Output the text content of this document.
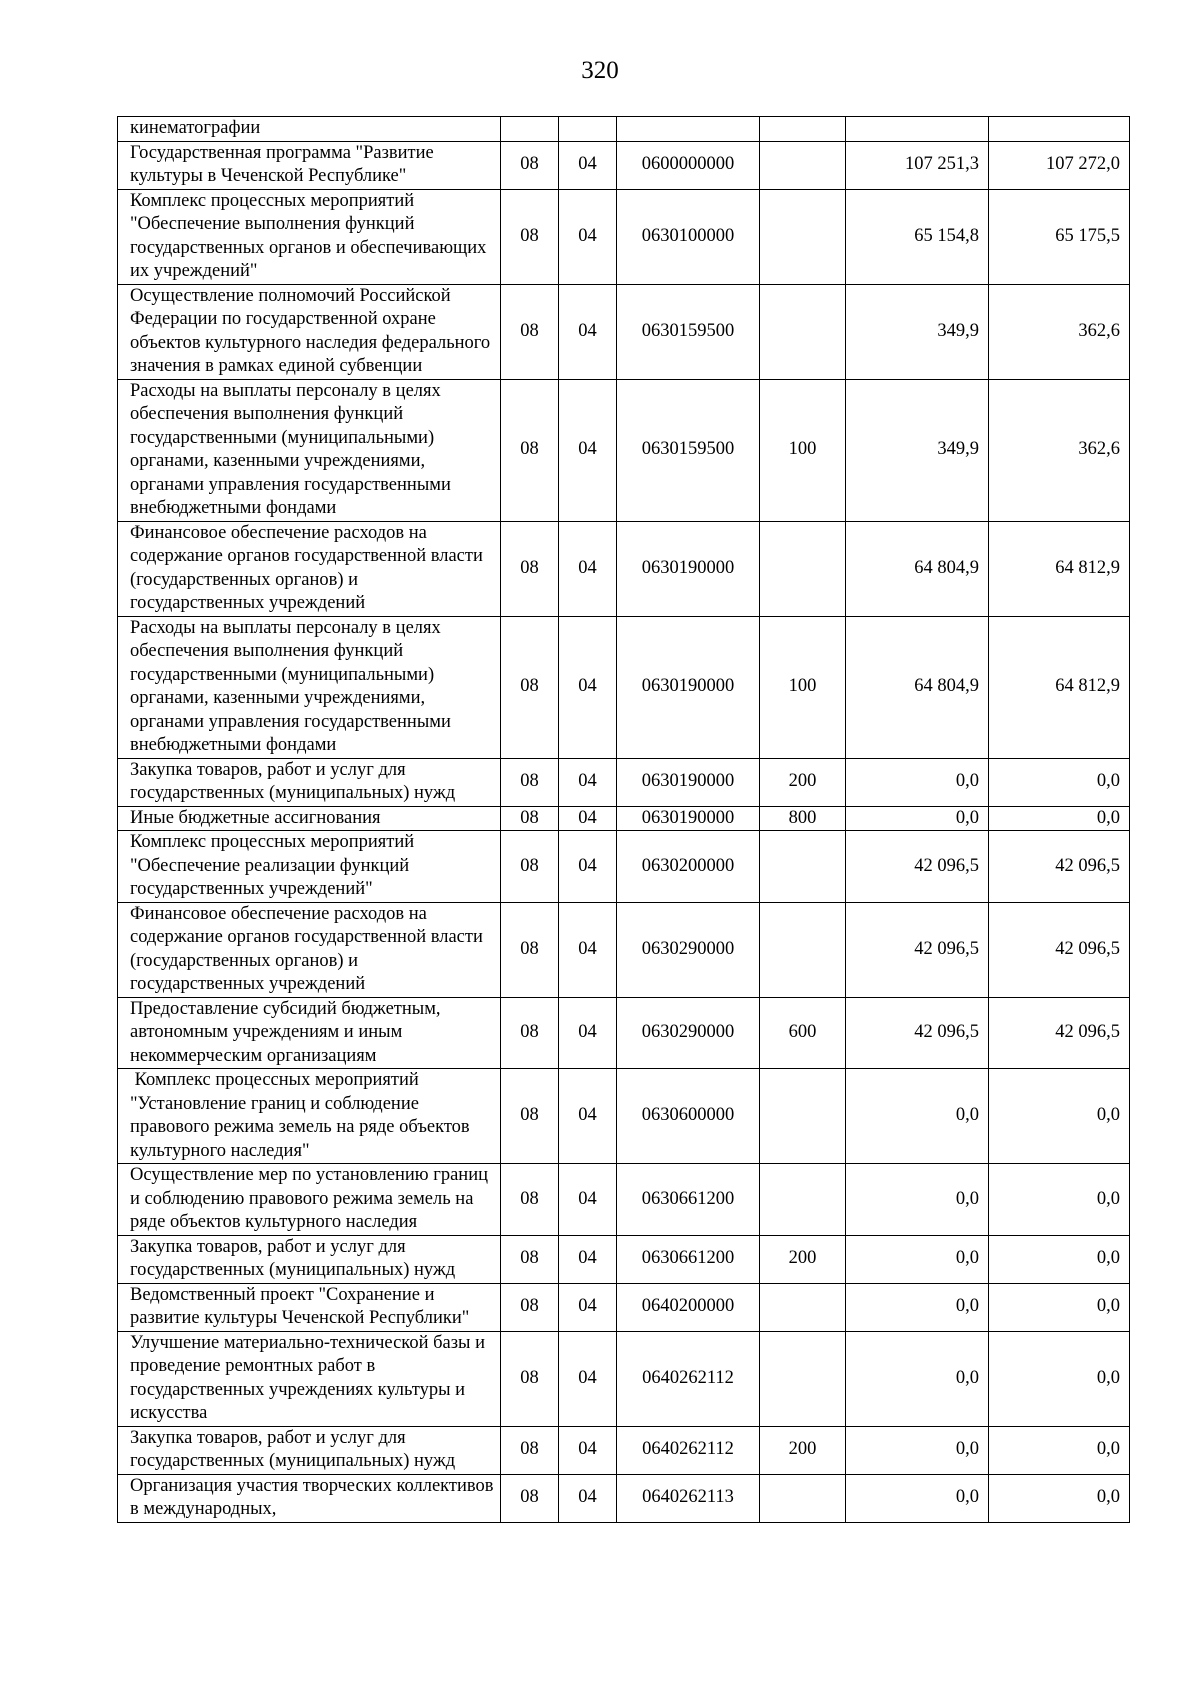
320
кинематографии						
Государственная программа "Развитие культуры в Чеченской Республике"	08	04	0600000000		107 251,3	107 272,0
Комплекс процессных мероприятий "Обеспечение выполнения функций государственных органов и обеспечивающих их учреждений"	08	04	0630100000		65 154,8	65 175,5
Осуществление полномочий Российской Федерации по государственной охране объектов культурного наследия федерального значения в рамках единой субвенции	08	04	0630159500		349,9	362,6
Расходы на выплаты персоналу в целях обеспечения выполнения функций государственными (муниципальными) органами, казенными учреждениями, органами управления государственными внебюджетными фондами	08	04	0630159500	100	349,9	362,6
Финансовое обеспечение расходов на содержание органов государственной власти (государственных органов) и государственных учреждений	08	04	0630190000		64 804,9	64 812,9
Расходы на выплаты персоналу в целях обеспечения выполнения функций государственными (муниципальными) органами, казенными учреждениями, органами управления государственными внебюджетными фондами	08	04	0630190000	100	64 804,9	64 812,9
Закупка товаров, работ и услуг для государственных (муниципальных) нужд	08	04	0630190000	200	0,0	0,0
Иные бюджетные ассигнования	08	04	0630190000	800	0,0	0,0
Комплекс процессных мероприятий "Обеспечение реализации функций государственных учреждений"	08	04	0630200000		42 096,5	42 096,5
Финансовое обеспечение расходов на содержание органов государственной власти (государственных органов) и государственных учреждений	08	04	0630290000		42 096,5	42 096,5
Предоставление субсидий бюджетным, автономным учреждениям и иным некоммерческим организациям	08	04	0630290000	600	42 096,5	42 096,5
Комплекс процессных мероприятий "Установление границ и соблюдение правового режима земель на ряде объектов культурного наследия"	08	04	0630600000		0,0	0,0
Осуществление мер по установлению границ и соблюдению правового режима земель на ряде объектов культурного наследия	08	04	0630661200		0,0	0,0
Закупка товаров, работ и услуг для государственных (муниципальных) нужд	08	04	0630661200	200	0,0	0,0
Ведомственный проект "Сохранение и развитие культуры Чеченской Республики"	08	04	0640200000		0,0	0,0
Улучшение материально-технической базы и проведение ремонтных работ в государственных учреждениях культуры и искусства	08	04	0640262112		0,0	0,0
Закупка товаров, работ и услуг для государственных (муниципальных) нужд	08	04	0640262112	200	0,0	0,0
Организация участия творческих коллективов в международных,	08	04	0640262113		0,0	0,0
